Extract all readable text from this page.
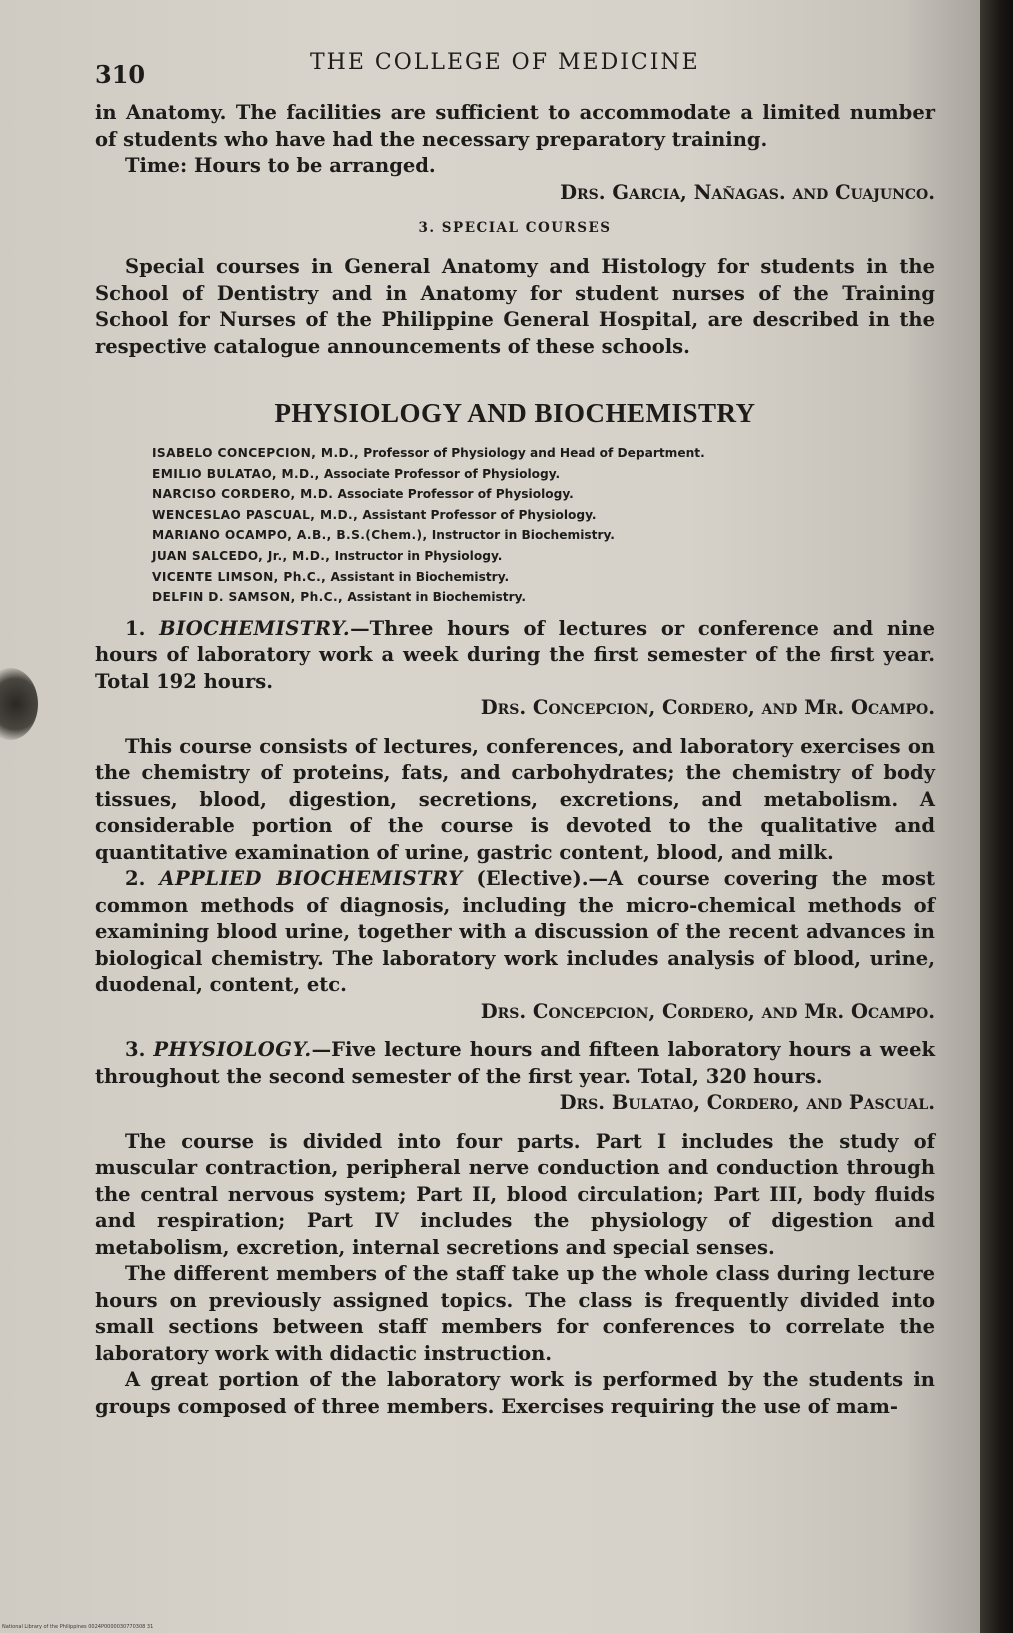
310	THE COLLEGE OF MEDICINE

in Anatomy. The facilities are sufficient to accommodate a limited number of students who have had the necessary preparatory training.

Time: Hours to be arranged.

Drs. Garcia, Nañagas. and Cuajunco.
3. SPECIAL COURSES

Special courses in General Anatomy and Histology for students in the School of Dentistry and in Anatomy for student nurses of the Training School for Nurses of the Philippine General Hospital, are described in the respective catalogue announcements of these schools.

PHYSIOLOGY AND BIOCHEMISTRY
ISABELO CONCEPCION, M.D., Professor of Physiology and Head of Department.
EMILIO BULATAO, M.D., Associate Professor of Physiology.
NARCISO CORDERO, M.D. Associate Professor of Physiology.
WENCESLAO PASCUAL, M.D., Assistant Professor of Physiology.
MARIANO OCAMPO, A.B., B.S.(Chem.), Instructor in Biochemistry.
JUAN SALCEDO, Jr., M.D., Instructor in Physiology.
VICENTE LIMSON, Ph.C., Assistant in Biochemistry.
DELFIN D. SAMSON, Ph.C., Assistant in Biochemistry.

1. BIOCHEMISTRY.—Three hours of lectures or conference and nine hours of laboratory work a week during the first semester of the first year. Total 192 hours.

Drs. Concepcion, Cordero, and Mr. Ocampo.

This course consists of lectures, conferences, and laboratory exercises on the chemistry of proteins, fats, and carbohydrates; the chemistry of body tissues, blood, digestion, secretions, excretions, and metabolism. A considerable portion of the course is devoted to the qualitative and quantitative examination of urine, gastric content, blood, and milk.

2. APPLIED BIOCHEMISTRY (Elective).—A course covering the most common methods of diagnosis, including the micro-chemical methods of examining blood urine, together with a discussion of the recent advances in biological chemistry. The laboratory work includes analysis of blood, urine, duodenal, content, etc.

Drs. Concepcion, Cordero, and Mr. Ocampo.

3. PHYSIOLOGY.—Five lecture hours and fifteen laboratory hours a week throughout the second semester of the first year. Total, 320 hours.

Drs. Bulatao, Cordero, and Pascual.

The course is divided into four parts. Part I includes the study of muscular contraction, peripheral nerve conduction and conduction through the central nervous system; Part II, blood circulation; Part III, body fluids and respiration; Part IV includes the physiology of digestion and metabolism, excretion, internal secretions and special senses.

The different members of the staff take up the whole class during lecture hours on previously assigned topics. The class is frequently divided into small sections between staff members for conferences to correlate the laboratory work with didactic instruction.

A great portion of the laboratory work is performed by the students in groups composed of three members. Exercises requiring the use of mam-

National Library of the Philippines 0024P0000030770308 31
